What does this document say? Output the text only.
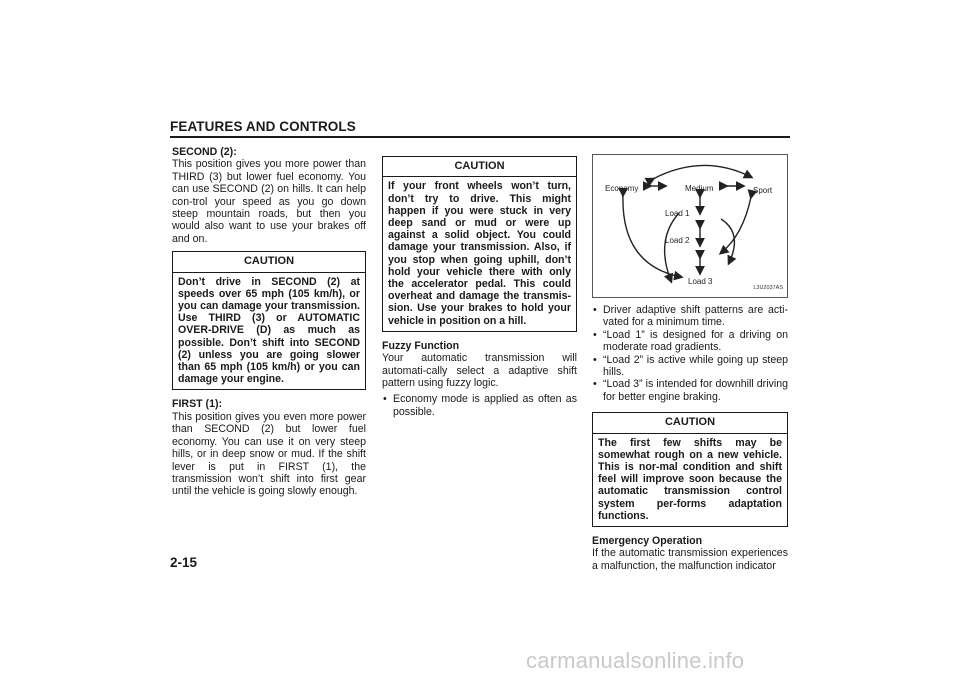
FEATURES AND CONTROLS
SECOND (2):

This position gives you more power than THIRD (3) but lower fuel economy. You can use SECOND (2) on hills. It can help con-trol your speed as you go down steep mountain roads, but then you would also want to use your brakes off and on.

CAUTION
Don’t drive in SECOND (2) at speeds over 65 mph (105 km/h), or you can damage your transmission. Use THIRD (3) or AUTOMATIC OVER-DRIVE (D) as much as possible. Don’t shift into SECOND (2) unless you are going slower than 65 mph (105 km/h) or you can damage your engine.
FIRST (1):

This position gives you even more power than SECOND (2) but lower fuel economy. You can use it on very steep hills, or in deep snow or mud. If the shift lever is put in FIRST (1), the transmission won’t shift into first gear until the vehicle is going slowly enough.

CAUTION
If your front wheels won’t turn, don’t try to drive. This might happen if you were stuck in very deep sand or mud or were up against a solid object. You could damage your transmission. Also, if you stop when going uphill, don’t hold your vehicle there with only the accelerator pedal. This could overheat and damage the transmis-sion. Use your brakes to hold your vehicle in position on a hill.
Fuzzy Function

Your automatic transmission will automati-cally select a adaptive shift pattern using fuzzy logic.

• Economy mode is applied as often as possible.
Economy	Medium	Sport
Load 1
Load 2
Load 3
L3U2037AS
• Driver adaptive shift patterns are acti-vated for a minimum time.
• “Load 1” is designed for a driving on moderate road gradients.
• “Load 2” is active while going up steep hills.
• “Load 3” is intended for downhill driving for better engine braking.
CAUTION
The first few shifts may be somewhat rough on a new vehicle. This is nor-mal condition and shift feel will improve soon because the automatic transmission control system per-forms adaptation functions.
Emergency Operation

If the automatic transmission experiences a malfunction, the malfunction indicator

2-15
carmanualsonline.info
